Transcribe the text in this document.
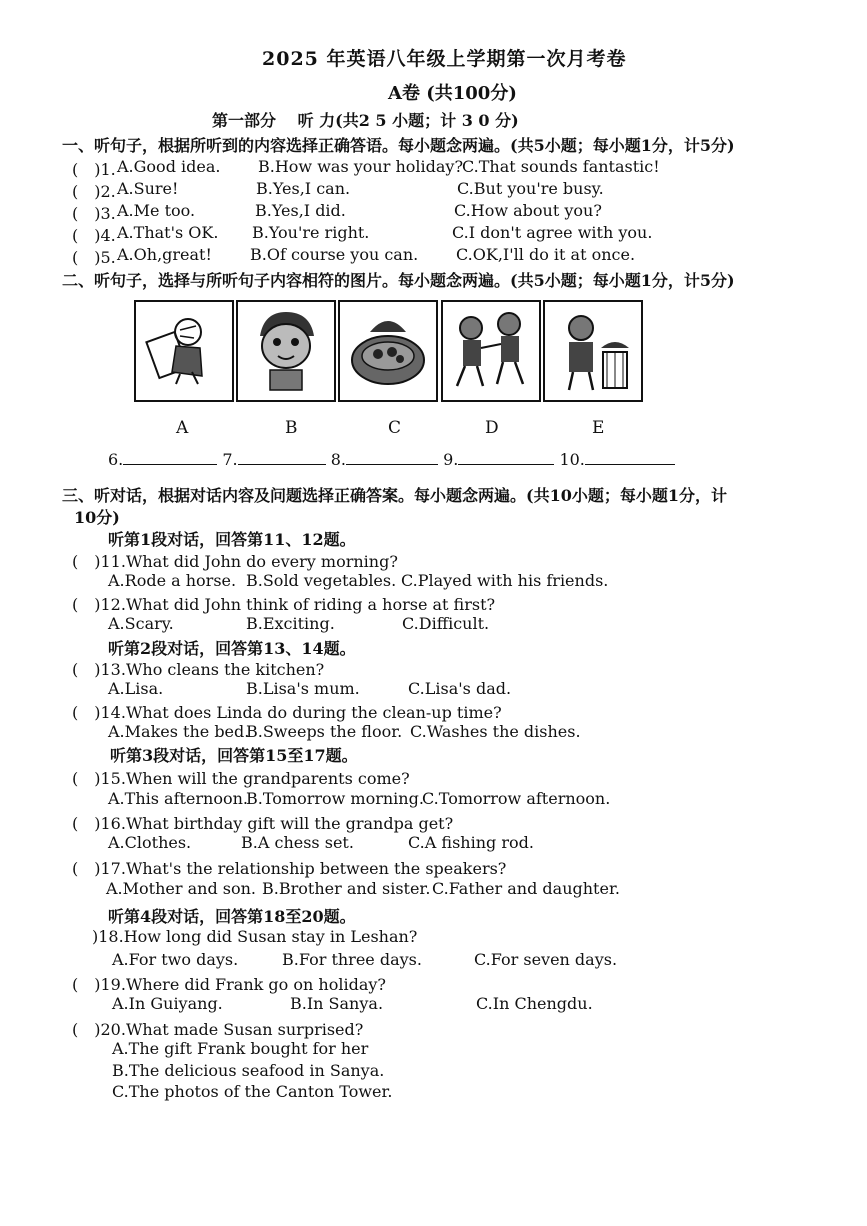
2025 年英语八年级上学期第一次月考卷
A卷 (共100分)
第一部分　 听 力(共2 5 小题；计 3 0 分)
一、听句子，根据所听到的内容选择正确答语。每小题念两遍。(共5小题；每小题1分，计5分)
(　)1. A.Good idea. B.How was your holiday?
C.That sounds fantastic!
(　)2. A.Sure!	B.Yes,I can.	C.But you're busy.
(　)3. A.Me too.	B.Yes,I did.	C.How about you?
(　)4. A.That's OK. B.You're right.	C.I don't agree with you.
(　)5. A.Oh,great! B.Of course you can. C.OK,I'll do it at once.
二、听句子，选择与所听句子内容相符的图片。每小题念两遍。(共5小题；每小题1分，计5分)
A	B	C	D	E
6.	7.	8.	9.	10.
三、听对话，根据对话内容及问题选择正确答案。每小题念两遍。(共10小题；每小题1分，计
10分)
听第1段对话，回答第11、12题。
(　)11.What did John do every morning?
A.Rode a horse. B.Sold vegetables. C.Played with his friends.
(　)12.What did John think of riding a horse at first?
A.Scary.	B.Exciting.	C.Difficult.
听第2段对话，回答第13、14题。
(　)13.Who cleans the kitchen?
A.Lisa.	B.Lisa's mum.	C.Lisa's dad.
(　)14.What does Linda do during the clean-up time?
A.Makes the bed.
B.Sweeps the floor. C.Washes the dishes.
听第3段对话，回答第15至17题。
(　)15.When will the grandparents come?
A.This afternoon.
B.Tomorrow morning.
C.Tomorrow afternoon.
(　)16.What birthday gift will the grandpa get?
A.Clothes.	B.A chess set.	C.A fishing rod.
(　)17.What's the relationship between the speakers?
A.Mother and son. B.Brother and sister. C.Father and daughter.
听第4段对话，回答第18至20题。
)18.How long did Susan stay in Leshan?
A.For two days.	B.For three days.	C.For seven days.
(　)19.Where did Frank go on holiday?
A.In Guiyang.	B.In Sanya.	C.In Chengdu.
(　)20.What made Susan surprised?
A.The gift Frank bought for her
B.The delicious seafood in Sanya.
C.The photos of the Canton Tower.
